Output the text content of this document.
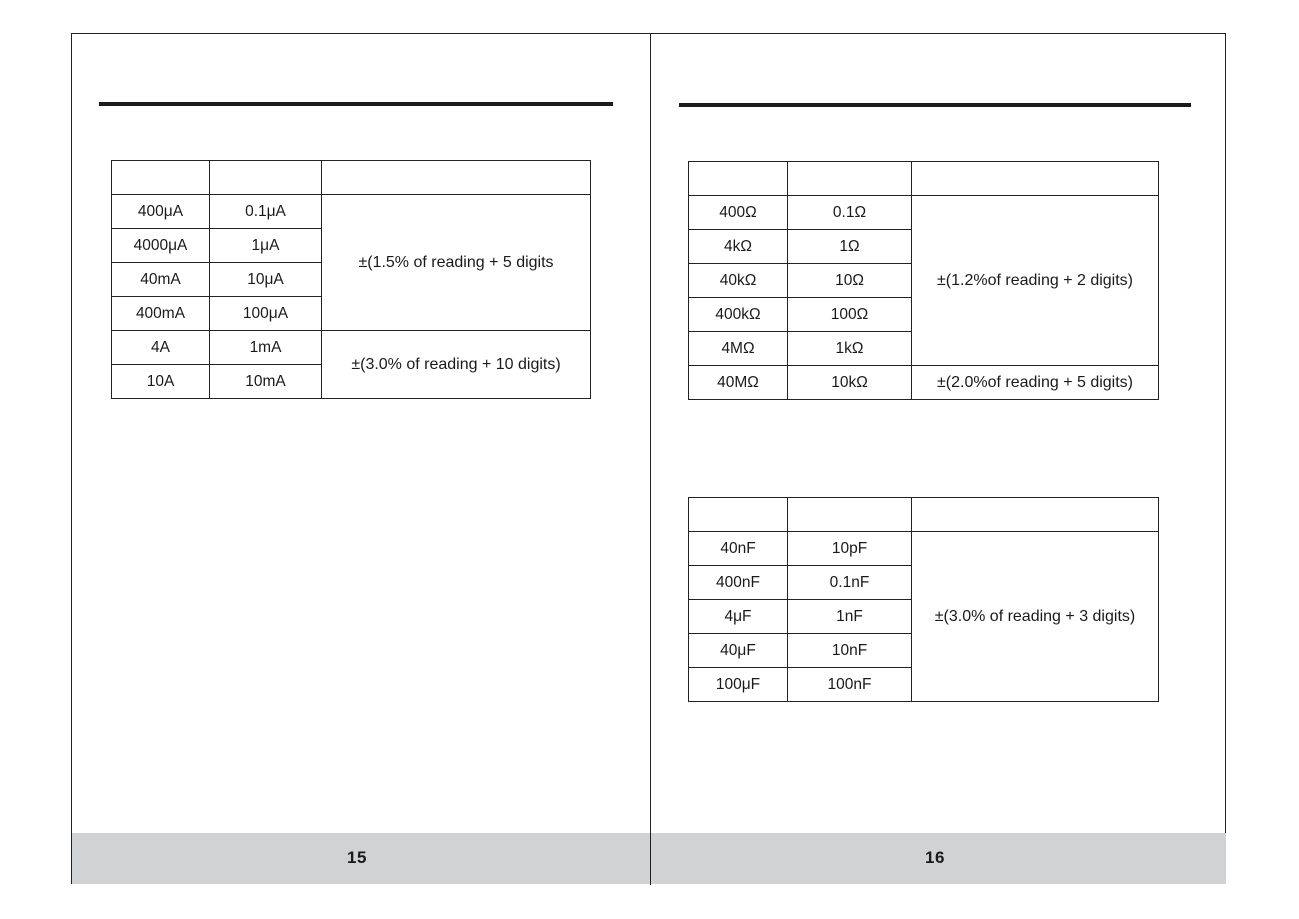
15	16

400μA	0.1μA	±(1.5% of reading + 5 digits
4000μA	1μA	
40mA	10μA	
400mA	100μA	
4A	1mA	±(3.0% of reading + 10 digits)
10A	10mA	

400Ω	0.1Ω	±(1.2%of reading + 2 digits)
4kΩ	1Ω	
40kΩ	10Ω	
400kΩ	100Ω	
4MΩ	1kΩ	
40MΩ	10kΩ	±(2.0%of reading + 5 digits)

40nF	10pF	±(3.0% of reading + 3 digits)
400nF	0.1nF	
4μF	1nF	
40μF	10nF	
100μF	100nF	
